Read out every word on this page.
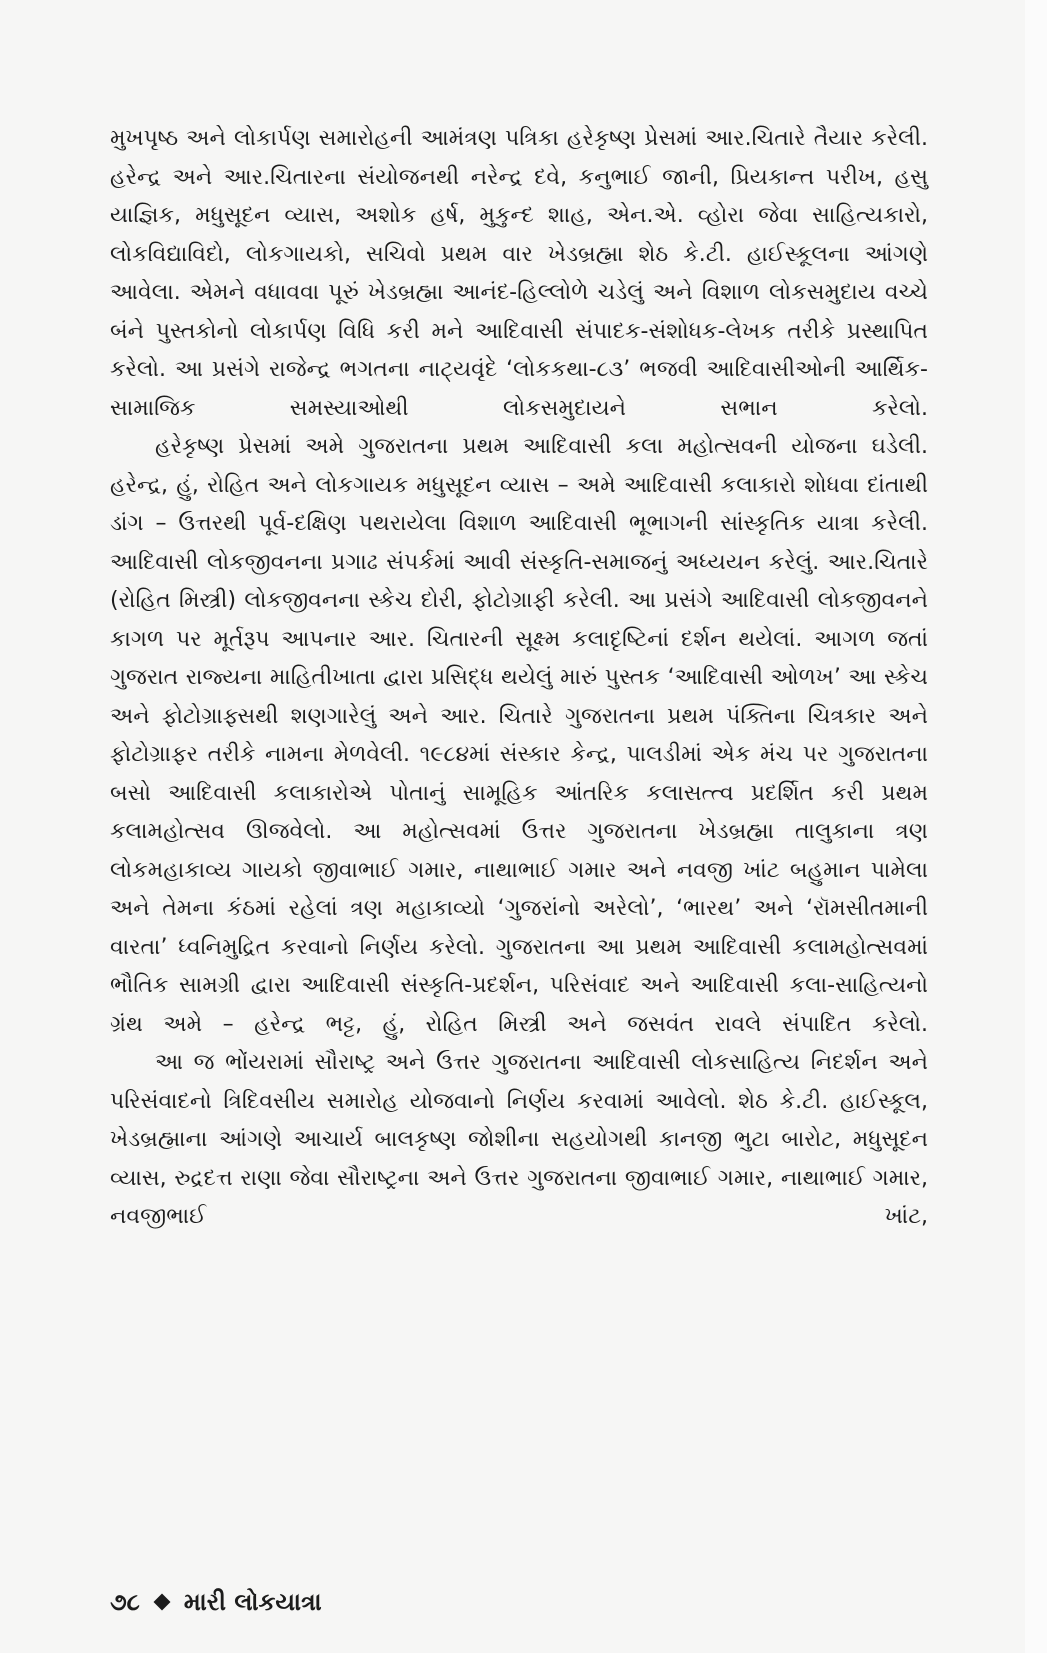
મુખપૃષ્ઠ અને લોકાર્પણ સમારોહની આમંત્રણ પત્રિકા હરેકૃષ્ણ પ્રેસમાં આર.ચિતારે તૈયાર કરેલી. હરેન્દ્ર અને આર.ચિતારના સંયોજનથી નરેન્દ્ર દવે, કનુભાઈ જાની, પ્રિયકાન્ત પરીખ, હસુ યાજ્ઞિક, મધુસૂદન વ્યાસ, અશોક હર્ષ, મુકુન્દ શાહ, એન.એ. વ્હોરા જેવા સાહિત્યકારો, લોકવિદ્યાવિદો, લોકગાયકો, સચિવો પ્રથમ વાર ખેડબ્રહ્મા શેઠ કે.ટી. હાઈસ્કૂલના આંગણે આવેલા. એમને વધાવવા પૂરું ખેડબ્રહ્મા આનંદ-હિલ્લોળે ચડેલું અને વિશાળ લોકસમુદાય વચ્ચે બંને પુસ્તકોનો લોકાર્પણ વિધિ કરી મને આદિવાસી સંપાદક-સંશોધક-લેખક તરીકે પ્રસ્થાપિત કરેલો. આ પ્રસંગે રાજેન્દ્ર ભગતના નાટ્યવૃંદે ‘લોકકથા-૮૩’ ભજવી આદિવાસીઓની આર્થિક-સામાજિક સમસ્યાઓથી લોકસમુદાયને સભાન કરેલો.

હરેકૃષ્ણ પ્રેસમાં અમે ગુજરાતના પ્રથમ આદિવાસી કલા મહોત્સવની યોજના ઘડેલી. હરેન્દ્ર, હું, રોહિત અને લોકગાયક મધુસૂદન વ્યાસ – અમે આદિવાસી કલાકારો શોધવા દાંતાથી ડાંગ – ઉત્તરથી પૂર્વ-દક્ષિણ પથરાયેલા વિશાળ આદિવાસી ભૂભાગની સાંસ્કૃતિક યાત્રા કરેલી. આદિવાસી લોકજીવનના પ્રગાઢ સંપર્કમાં આવી સંસ્કૃતિ-સમાજનું અધ્યયન કરેલું. આર.ચિતારે (રોહિત મિસ્ત્રી) લોકજીવનના સ્કેચ દોરી, ફોટોગ્રાફી કરેલી. આ પ્રસંગે આદિવાસી લોકજીવનને કાગળ પર મૂર્તરૂપ આપનાર આર. ચિતારની સૂક્ષ્મ કલાદૃષ્ટિનાં દર્શન થયેલાં. આગળ જતાં ગુજરાત રાજ્યના માહિતીખાતા દ્વારા પ્રસિદ્ધ થયેલું મારું પુસ્તક ‘આદિવાસી ઓળખ’ આ સ્કેચ અને ફોટોગ્રાફ્સથી શણગારેલું અને આર. ચિતારે ગુજરાતના પ્રથમ પંક્તિના ચિત્રકાર અને ફોટોગ્રાફર તરીકે નામના મેળવેલી. ૧૯૮૪માં સંસ્કાર કેન્દ્ર, પાલડીમાં એક મંચ પર ગુજરાતના બસો આદિવાસી કલાકારોએ પોતાનું સામૂહિક આંતરિક કલાસત્ત્વ પ્રદર્શિત કરી પ્રથમ કલામહોત્સવ ઊજવેલો. આ મહોત્સવમાં ઉત્તર ગુજરાતના ખેડબ્રહ્મા તાલુકાના ત્રણ લોકમહાકાવ્ય ગાયકો જીવાભાઈ ગમાર, નાથાભાઈ ગમાર અને નવજી ખાંટ બહુમાન પામેલા અને તેમના કંઠમાં રહેલાં ત્રણ મહાકાવ્યો ‘ગુજરાંનો અરેલો’, ‘ભારથ’ અને ‘રૉમસીતમાની વારતા’ ધ્વનિમુદ્રિત કરવાનો નિર્ણય કરેલો. ગુજરાતના આ પ્રથમ આદિવાસી કલામહોત્સવમાં ભૌતિક સામગ્રી દ્વારા આદિવાસી સંસ્કૃતિ-પ્રદર્શન, પરિસંવાદ અને આદિવાસી કલા-સાહિત્યનો ગ્રંથ અમે – હરેન્દ્ર ભટ્ટ, હું, રોહિત મિસ્ત્રી અને જસવંત રાવલે સંપાદિત કરેલો.

આ જ ભોંયરામાં સૌરાષ્ટ્ર અને ઉત્તર ગુજરાતના આદિવાસી લોકસાહિત્ય નિદર્શન અને પરિસંવાદનો ત્રિદિવસીય સમારોહ યોજવાનો નિર્ણય કરવામાં આવેલો. શેઠ કે.ટી. હાઈસ્કૂલ, ખેડબ્રહ્માના આંગણે આચાર્ય બાલકૃષ્ણ જોશીના સહયોગથી કાનજી ભુટા બારોટ, મધુસૂદન વ્યાસ, રુદ્રદત્ત રાણા જેવા સૌરાષ્ટ્રના અને ઉત્તર ગુજરાતના જીવાભાઈ ગમાર, નાથાભાઈ ગમાર, નવજીભાઈ ખાંટ,

૭૮ મારી લોકયાત્રા
